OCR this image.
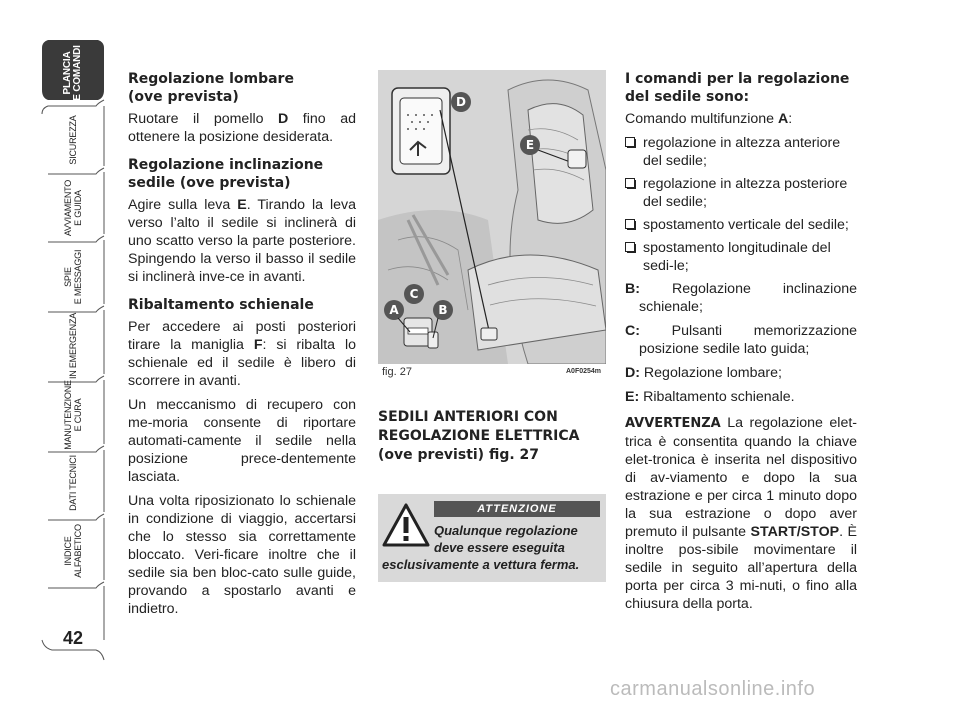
PLANCIA
E COMANDI
SICUREZZA
AVVIAMENTO
E GUIDA
SPIE
E MESSAGGI
IN EMERGENZA
MANUTENZIONE
E CURA
DATI TECNICI
INDICE
ALFABETICO
42
Regolazione lombare
(ove prevista)

Ruotare il pomello D fino ad ottenere la posizione desiderata.

Regolazione inclinazione
sedile (ove prevista)

Agire sulla leva E. Tirando la leva verso l’alto il sedile si inclinerà di uno scatto verso la parte posteriore. Spingendo la verso il basso il sedile si inclinerà inve-ce in avanti.

Ribaltamento schienale

Per accedere ai posti posteriori tirare la maniglia F: si ribalta lo schienale ed il sedile è libero di scorrere in avanti.

Un meccanismo di recupero con me-moria consente di riportare automati-camente il sedile nella posizione prece-dentemente lasciata.

Una volta riposizionato lo schienale in condizione di viaggio, accertarsi che lo stesso sia correttamente bloccato. Veri-ficare inoltre che il sedile sia ben bloc-cato sulle guide, provando a spostarlo avanti e indietro.

A	B
C
D
E
fig. 27	A0F0254m
SEDILI ANTERIORI CON
REGOLAZIONE ELETTRICA
(ove previsti) fig. 27
ATTENZIONE
Qualunque regolazione
deve essere eseguita
esclusivamente a vettura ferma.
I comandi per la regolazione
del sedile sono:

Comando multifunzione A:

regolazione in altezza anteriore del sedile;
regolazione in altezza posteriore del sedile;
spostamento verticale del sedile;
spostamento longitudinale del sedi-le;

B: Regolazione inclinazione schienale;

C: Pulsanti memorizzazione posizione sedile lato guida;

D: Regolazione lombare;

E: Ribaltamento schienale.

AVVERTENZA La regolazione elet-trica è consentita quando la chiave elet-tronica è inserita nel dispositivo di av-viamento e dopo la sua estrazione e per circa 1 minuto dopo la sua estrazione o dopo aver premuto il pulsante START/STOP. È inoltre pos-sibile movimentare il sedile in seguito all’apertura della porta per circa 3 mi-nuti, o fino alla chiusura della porta.

carmanualsonline.info
